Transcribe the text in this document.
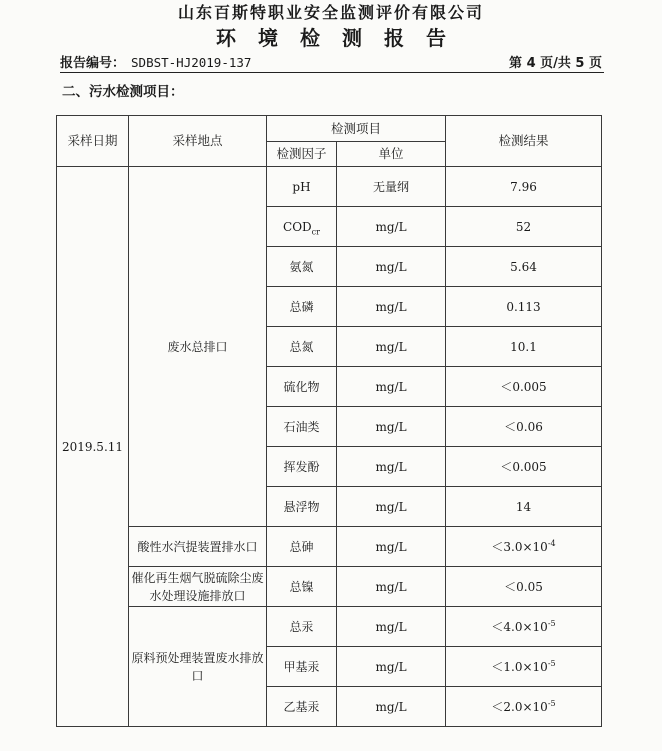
山东百斯特职业安全监测评价有限公司
环境检测报告
报告编号： SDBST-HJ2019-137	第 4 页/共 5 页
二、污水检测项目：
采样日期	采样地点	检测项目		检测结果
		检测因子	单位	
2019.5.11	废水总排口	pH	无量纲	7.96
		$COD_{cr}$	mg/L	52
		氨氮	mg/L	5.64
		总磷	mg/L	0.113
		总氮	mg/L	10.1
		硫化物	mg/L	＜0.005
		石油类	mg/L	＜0.06
		挥发酚	mg/L	＜0.005
		悬浮物	mg/L	14
	酸性水汽提装置排水口	总砷	mg/L	$<3.0\times 10^{-4}$
	催化再生烟气脱硫除尘废水处理设施排放口	总镍	mg/L	＜0.05
	原料预处理装置废水排放口	总汞	mg/L	$<4.0\times 10^{-5}$
		甲基汞	mg/L	$<1.0\times 10^{-5}$
		乙基汞	mg/L	$<2.0\times 10^{-5}$
